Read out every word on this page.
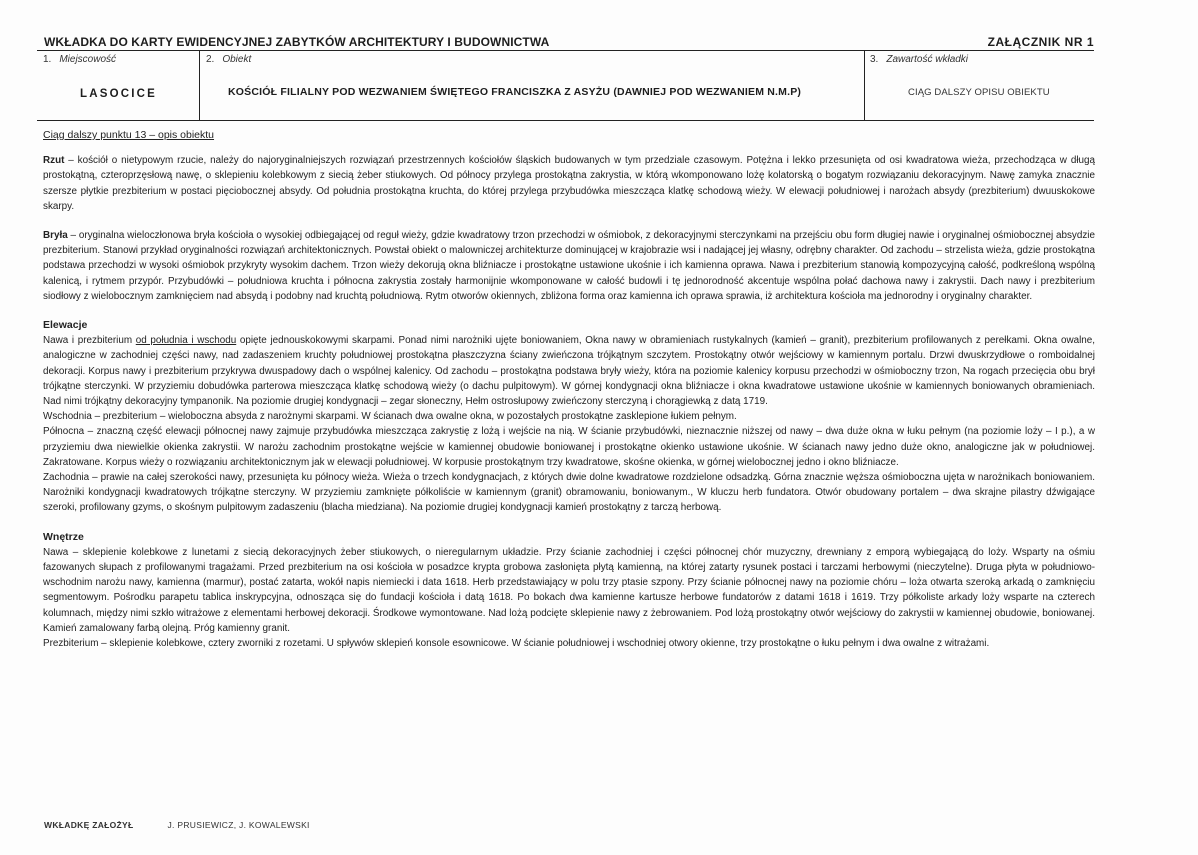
WKŁADKA DO KARTY EWIDENCYJNEJ ZABYTKÓW ARCHITEKTURY I BUDOWNICTWA	ZAŁĄCZNIK NR 1
1. Miejscowość	2. Obiekt	3. Zawartość wkładki
LASOCICE	KOŚCIÓŁ FILIALNY POD WEZWANIEM ŚWIĘTEGO FRANCISZKA Z ASYŻU (DAWNIEJ POD WEZWANIEM N.M.P)	CIĄG DALSZY OPISU OBIEKTU

Ciąg dalszy punktu 13 – opis obiektu

Rzut – kościół o nietypowym rzucie, należy do najoryginalniejszych rozwiązań przestrzennych kościołów śląskich budowanych w tym przedziale czasowym. Potężna i lekko przesunięta od osi kwadratowa wieża, przechodząca w długą prostokątną, czteroprzęsłową nawę, o sklepieniu kolebkowym z siecią żeber stiukowych. Od północy przylega prostokątna zakrystia, w którą wkomponowano lożę kolatorską o bogatym rozwiązaniu dekoracyjnym. Nawę zamyka znacznie szersze płytkie prezbiterium w postaci pięciobocznej absydy. Od południa prostokątna kruchta, do której przylega przybudówka mieszcząca klatkę schodową wieży. W elewacji południowej i narożach absydy (prezbiterium) dwuuskokowe skarpy.

Bryła – oryginalna wieloczłonowa bryła kościoła o wysokiej odbiegającej od reguł wieży, gdzie kwadratowy trzon przechodzi w ośmiobok, z dekoracyjnymi sterczynkami na przejściu obu form długiej nawie i oryginalnej ośmiobocznej absydzie prezbiterium. Stanowi przykład oryginalności rozwiązań architektonicznych. Powstał obiekt o malowniczej architekturze dominującej w krajobrazie wsi i nadającej jej własny, odrębny charakter. Od zachodu – strzelista wieża, gdzie prostokątna podstawa przechodzi w wysoki ośmiobok przykryty wysokim dachem. Trzon wieży dekorują okna bliźniacze i prostokątne ustawione ukośnie i ich kamienna oprawa. Nawa i prezbiterium stanowią kompozycyjną całość, podkreśloną wspólną kalenicą, i rytmem przypór. Przybudówki – południowa kruchta i północna zakrystia zostały harmonijnie wkomponowane w całość budowli i tę jednorodność akcentuje wspólna połać dachowa nawy i zakrystii. Dach nawy i prezbiterium siodłowy z wielobocznym zamknięciem nad absydą i podobny nad kruchtą południową. Rytm otworów okiennych, zbliżona forma oraz kamienna ich oprawa sprawia, iż architektura kościoła ma jednorodny i oryginalny charakter.

Elewacje

Nawa i prezbiterium od południa i wschodu opięte jednouskokowymi skarpami. Ponad nimi narożniki ujęte boniowaniem, Okna nawy w obramieniach rustykalnych (kamień – granit), prezbiterium profilowanych z perełkami. Okna owalne, analogiczne w zachodniej części nawy, nad zadaszeniem kruchty południowej prostokątna płaszczyzna ściany zwieńczona trójkątnym szczytem. Prostokątny otwór wejściowy w kamiennym portalu. Drzwi dwuskrzydłowe o romboidalnej dekoracji. Korpus nawy i prezbiterium przykrywa dwuspadowy dach o wspólnej kalenicy. Od zachodu – prostokątna podstawa bryły wieży, która na poziomie kalenicy korpusu przechodzi w ośmioboczny trzon, Na rogach przecięcia obu brył trójkątne sterczynki. W przyziemiu dobudówka parterowa mieszcząca klatkę schodową wieży (o dachu pulpitowym). W górnej kondygnacji okna bliźniacze i okna kwadratowe ustawione ukośnie w kamiennych boniowanych obramieniach. Nad nimi trójkątny dekoracyjny tympanonik. Na poziomie drugiej kondygnacji – zegar słoneczny, Hełm ostrosłupowy zwieńczony sterczyną i chorągiewką z datą 1719.

Wschodnia – prezbiterium – wieloboczna absyda z narożnymi skarpami. W ścianach dwa owalne okna, w pozostałych prostokątne zasklepione łukiem pełnym.

Północna – znaczną część elewacji północnej nawy zajmuje przybudówka mieszcząca zakrystię z lożą i wejście na nią. W ścianie przybudówki, nieznacznie niższej od nawy – dwa duże okna w łuku pełnym (na poziomie loży – I p.), a w przyziemiu dwa niewielkie okienka zakrystii. W narożu zachodnim prostokątne wejście w kamiennej obudowie boniowanej i prostokątne okienko ustawione ukośnie. W ścianach nawy jedno duże okno, analogiczne jak w południowej. Zakratowane. Korpus wieży o rozwiązaniu architektonicznym jak w elewacji południowej. W korpusie prostokątnym trzy kwadratowe, skośne okienka, w górnej wielobocznej jedno i okno bliźniacze.

Zachodnia – prawie na całej szerokości nawy, przesunięta ku północy wieża. Wieża o trzech kondygnacjach, z których dwie dolne kwadratowe rozdzielone odsadzką. Górna znacznie węższa ośmioboczna ujęta w narożnikach boniowaniem. Narożniki kondygnacji kwadratowych trójkątne sterczyny. W przyziemiu zamknięte półkoliście w kamiennym (granit) obramowaniu, boniowanym., W kluczu herb fundatora. Otwór obudowany portalem – dwa skrajne pilastry dźwigające szeroki, profilowany gzyms, o skośnym pulpitowym zadaszeniu (blacha miedziana). Na poziomie drugiej kondygnacji kamień prostokątny z tarczą herbową.

Wnętrze

Nawa – sklepienie kolebkowe z lunetami z siecią dekoracyjnych żeber stiukowych, o nieregularnym układzie. Przy ścianie zachodniej i części północnej chór muzyczny, drewniany z emporą wybiegającą do loży. Wsparty na ośmiu fazowanych słupach z profilowanymi tragażami. Przed prezbiterium na osi kościoła w posadzce krypta grobowa zasłonięta płytą kamienną, na której zatarty rysunek postaci i tarczami herbowymi (nieczytelne). Druga płyta w południowo-wschodnim narożu nawy, kamienna (marmur), postać zatarta, wokół napis niemiecki i data 1618. Herb przedstawiający w polu trzy ptasie szpony. Przy ścianie północnej nawy na poziomie chóru – loża otwarta szeroką arkadą o zamknięciu segmentowym. Pośrodku parapetu tablica inskrypcyjna, odnosząca się do fundacji kościoła i datą 1618. Po bokach dwa kamienne kartusze herbowe fundatorów z datami 1618 i 1619. Trzy półkoliste arkady loży wsparte na czterech kolumnach, między nimi szkło witrażowe z elementami herbowej dekoracji. Środkowe wymontowane. Nad lożą podcięte sklepienie nawy z żebrowaniem. Pod lożą prostokątny otwór wejściowy do zakrystii w kamiennej obudowie, boniowanej. Kamień zamalowany farbą olejną. Próg kamienny granit.

Prezbiterium – sklepienie kolebkowe, cztery zworniki z rozetami. U spływów sklepień konsole esownicowe. W ścianie południowej i wschodniej otwory okienne, trzy prostokątne o łuku pełnym i dwa owalne z witrażami.

WKŁADKĘ ZAŁOŻYŁ	J. PRUSIEWICZ, J. KOWALEWSKI
